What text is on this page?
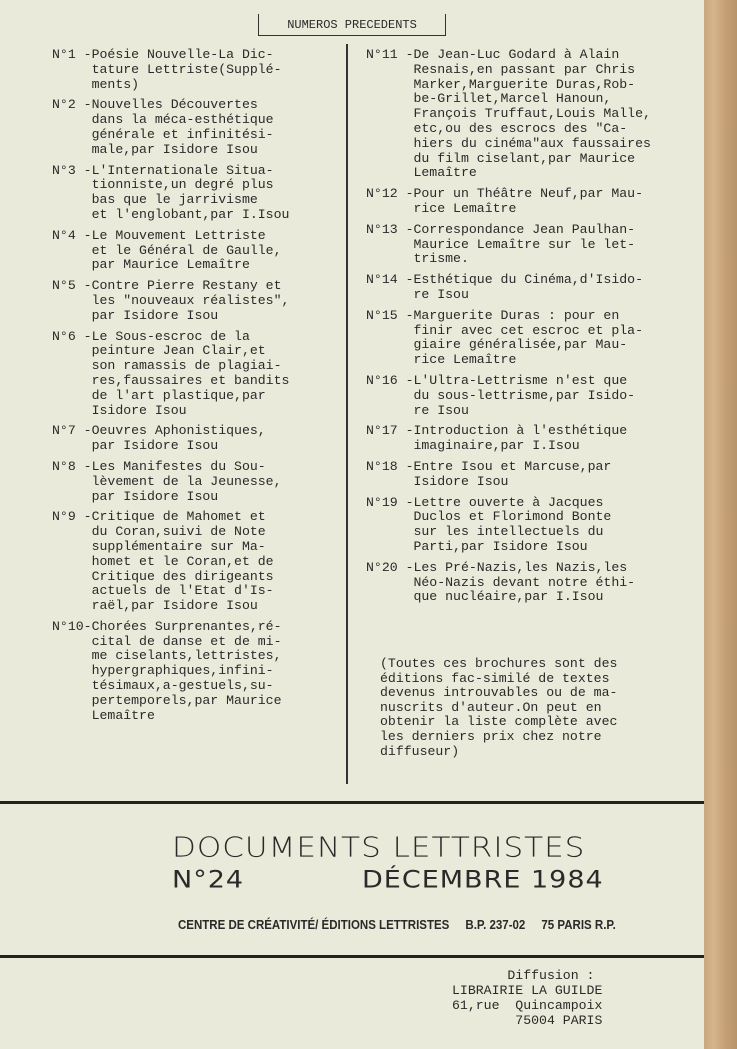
NUMEROS PRECEDENTS
N°1 - Poésie Nouvelle-La Dic-
tature Lettriste(Supplé-
ments)
N°2 - Nouvelles Découvertes
dans la méca-esthétique
générale et infinitési-
male,par Isidore Isou
N°3 - L'Internationale Situa-
tionniste,un degré plus
bas que le jarrivisme
et l'englobant,par I.Isou
N°4 - Le Mouvement Lettriste
et le Général de Gaulle,
par Maurice Lemaître
N°5 - Contre Pierre Restany et
les "nouveaux réalistes",
par Isidore Isou
N°6 - Le Sous-escroc de la
peinture Jean Clair,et
son ramassis de plagiai-
res,faussaires et bandits
de l'art plastique,par
Isidore Isou
N°7 - Oeuvres Aphonistiques,
par Isidore Isou
N°8 - Les Manifestes du Sou-
lèvement de la Jeunesse,
par Isidore Isou
N°9 - Critique de Mahomet et
du Coran,suivi de Note
supplémentaire sur Ma-
homet et le Coran,et de
Critique des dirigeants
actuels de l'Etat d'Is-
raël,par Isidore Isou
N°10- Chorées Surprenantes,ré-
cital de danse et de mi-
me ciselants,lettristes,
hypergraphiques,infini-
tésimaux,a-gestuels,su-
pertemporels,par Maurice
Lemaître
N°11 - De Jean-Luc Godard à Alain
Resnais,en passant par Chris
Marker,Marguerite Duras,Rob-
be-Grillet,Marcel Hanoun,
François Truffaut,Louis Malle,
etc,ou des escrocs des "Ca-
hiers du cinéma"aux faussaires
du film ciselant,par Maurice
Lemaître
N°12 - Pour un Théâtre Neuf,par Mau-
rice Lemaître
N°13 - Correspondance Jean Paulhan-
Maurice Lemaître sur le let-
trisme.
N°14 - Esthétique du Cinéma,d'Isido-
re Isou
N°15 - Marguerite Duras : pour en
finir avec cet escroc et pla-
giaire généralisée,par Mau-
rice Lemaître
N°16 - L'Ultra-Lettrisme n'est que
du sous-lettrisme,par Isido-
re Isou
N°17 - Introduction à l'esthétique
imaginaire,par I.Isou
N°18 - Entre Isou et Marcuse,par
Isidore Isou
N°19 - Lettre ouverte à Jacques
Duclos et Florimond Bonte
sur les intellectuels du
Parti,par Isidore Isou
N°20 - Les Pré-Nazis,les Nazis,les
Néo-Nazis devant notre éthi-
que nucléaire,par I.Isou
(Toutes ces brochures sont des
éditions fac-similé de textes
devenus introuvables ou de ma-
nuscrits d'auteur.On peut en
obtenir la liste complète avec
les derniers prix chez notre
diffuseur)
DOCUMENTS LETTRISTES
N°24	DÉCEMBRE 1984
CENTRE DE CRÉATIVITÉ/ ÉDITIONS LETTRISTES B.P. 237-02 75 PARIS R.P.
Diffusion :
LIBRAIRIE LA GUILDE
61,rue  Quincampoix
75004 PARIS
